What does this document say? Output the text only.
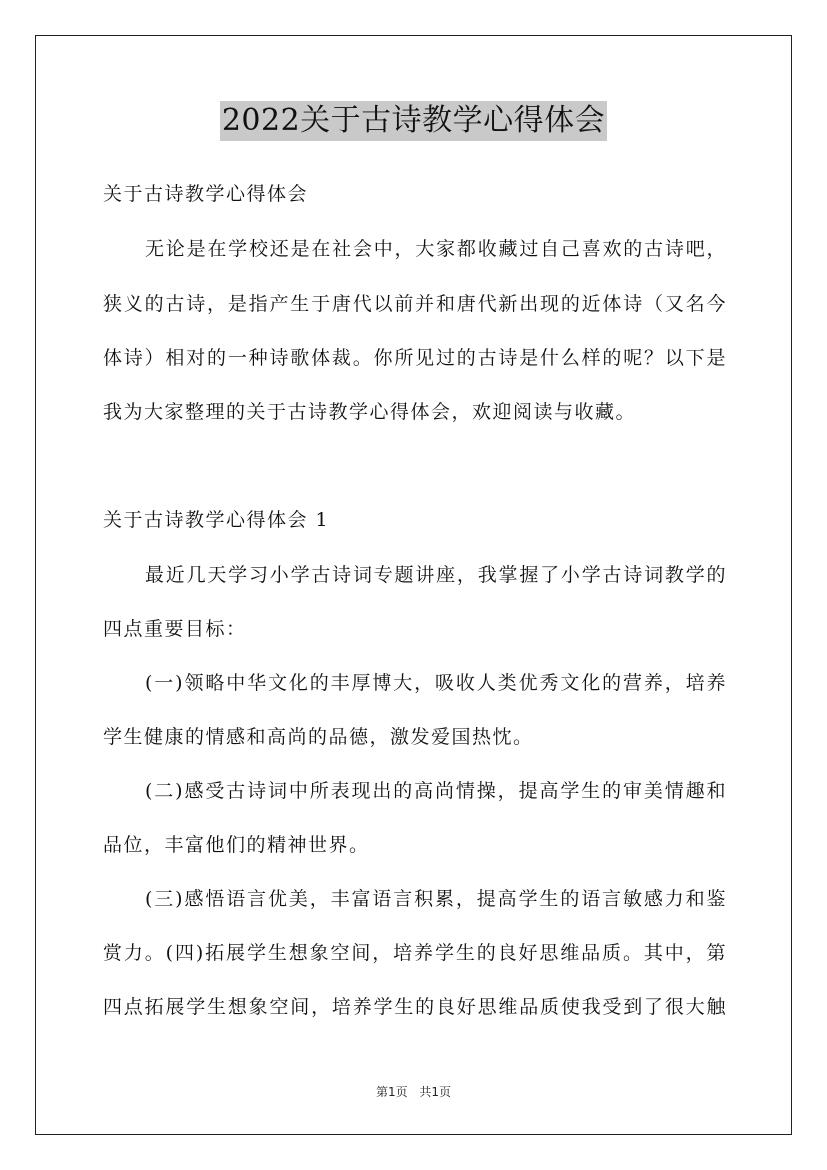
2022关于古诗教学心得体会
关于古诗教学心得体会
无论是在学校还是在社会中，大家都收藏过自己喜欢的古诗吧，
狭义的古诗，是指产生于唐代以前并和唐代新出现的近体诗（又名今
体诗）相对的一种诗歌体裁。你所见过的古诗是什么样的呢？以下是
我为大家整理的关于古诗教学心得体会，欢迎阅读与收藏。
关于古诗教学心得体会 1
最近几天学习小学古诗词专题讲座，我掌握了小学古诗词教学的
四点重要目标：
(一)领略中华文化的丰厚博大，吸收人类优秀文化的营养，培养
学生健康的情感和高尚的品德，激发爱国热忱。
(二)感受古诗词中所表现出的高尚情操，提高学生的审美情趣和
品位，丰富他们的精神世界。
(三)感悟语言优美，丰富语言积累，提高学生的语言敏感力和鉴
赏力。(四)拓展学生想象空间，培养学生的良好思维品质。其中，第
四点拓展学生想象空间，培养学生的良好思维品质使我受到了很大触
第1页 共1页
